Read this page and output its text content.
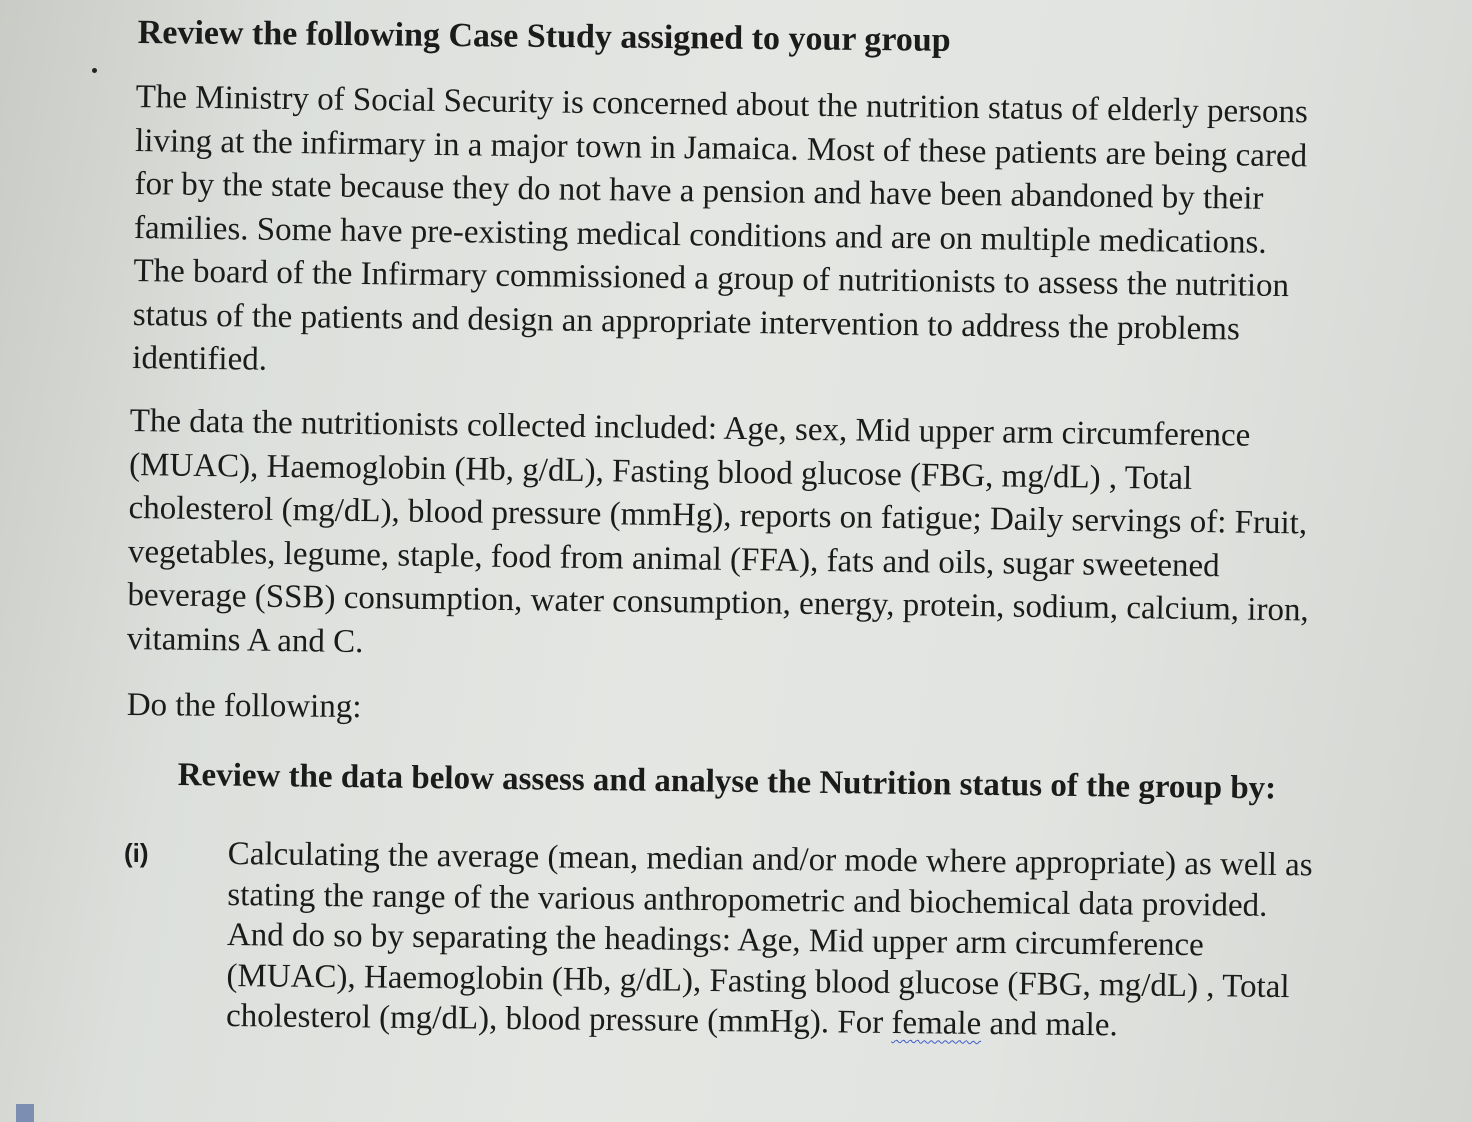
Review the following Case Study assigned to your group
The Ministry of Social Security is concerned about the nutrition status of elderly persons
living at the infirmary in a major town in Jamaica. Most of these patients are being cared
for by the state because they do not have a pension and have been abandoned by their
families. Some have pre-existing medical conditions and are on multiple medications.
The board of the Infirmary commissioned a group of nutritionists to assess the nutrition
status of the patients and design an appropriate intervention to address the problems
identified.
The data the nutritionists collected included: Age, sex, Mid upper arm circumference
(MUAC), Haemoglobin (Hb, g/dL), Fasting blood glucose (FBG, mg/dL) , Total
cholesterol (mg/dL), blood pressure (mmHg), reports on fatigue; Daily servings of: Fruit,
vegetables, legume, staple, food from animal (FFA), fats and oils, sugar sweetened
beverage (SSB) consumption, water consumption, energy, protein, sodium, calcium, iron,
vitamins A and C.
Do the following:
Review the data below assess and analyse the Nutrition status of the group by:
(i) Calculating the average (mean, median and/or mode where appropriate) as well as
stating the range of the various anthropometric and biochemical data provided.
And do so by separating the headings: Age, Mid upper arm circumference
(MUAC), Haemoglobin (Hb, g/dL), Fasting blood glucose (FBG, mg/dL) , Total
cholesterol (mg/dL), blood pressure (mmHg). For female and male.
